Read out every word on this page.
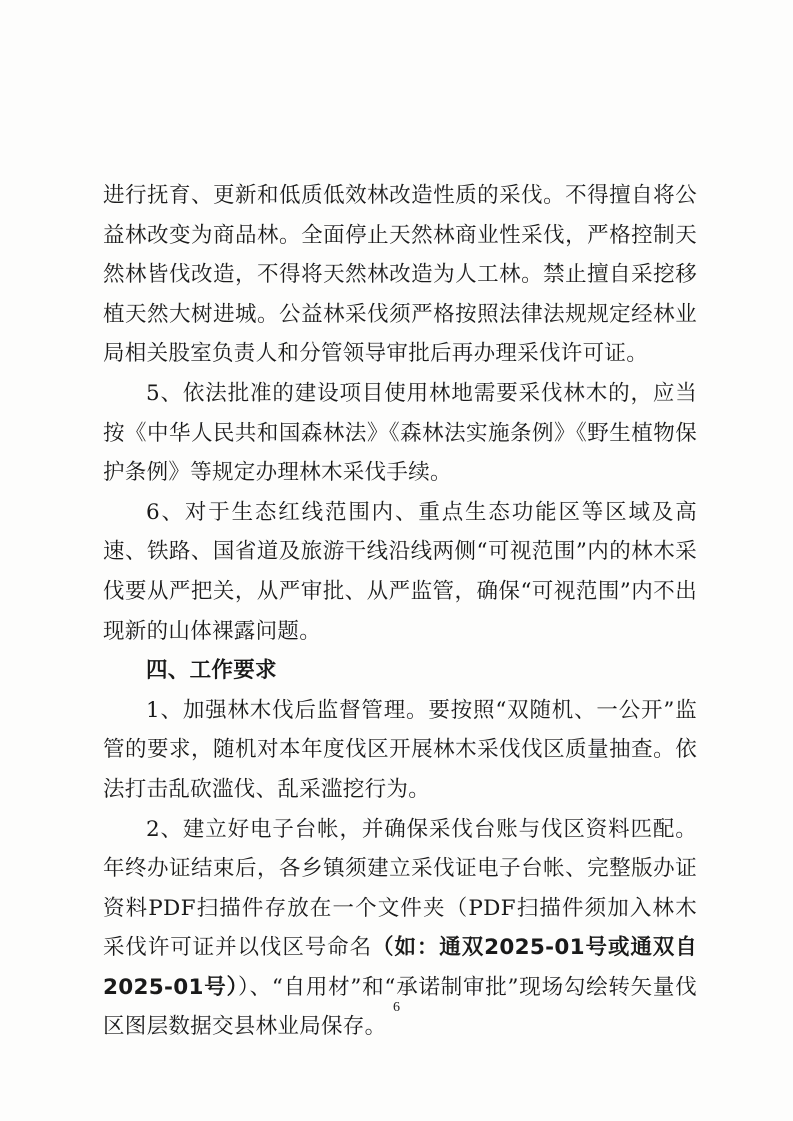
进行抚育、更新和低质低效林改造性质的采伐。不得擅自将公益林改变为商品林。全面停止天然林商业性采伐，严格控制天然林皆伐改造，不得将天然林改造为人工林。禁止擅自采挖移植天然大树进城。公益林采伐须严格按照法律法规规定经林业局相关股室负责人和分管领导审批后再办理采伐许可证。

5、依法批准的建设项目使用林地需要采伐林木的，应当按《中华人民共和国森林法》《森林法实施条例》《野生植物保护条例》等规定办理林木采伐手续。

6、对于生态红线范围内、重点生态功能区等区域及高速、铁路、国省道及旅游干线沿线两侧“可视范围”内的林木采伐要从严把关，从严审批、从严监管，确保“可视范围”内不出现新的山体裸露问题。

四、工作要求

1、加强林木伐后监督管理。要按照“双随机、一公开”监管的要求，随机对本年度伐区开展林木采伐伐区质量抽查。依法打击乱砍滥伐、乱采滥挖行为。

2、建立好电子台帐，并确保采伐台账与伐区资料匹配。年终办证结束后，各乡镇须建立采伐证电子台帐、完整版办证资料PDF扫描件存放在一个文件夹（PDF扫描件须加入林木采伐许可证并以伐区号命名（如：通双2025-01号或通双自2025-01号））、“自用材”和“承诺制审批”现场勾绘转矢量伐区图层数据交县林业局保存。

6
